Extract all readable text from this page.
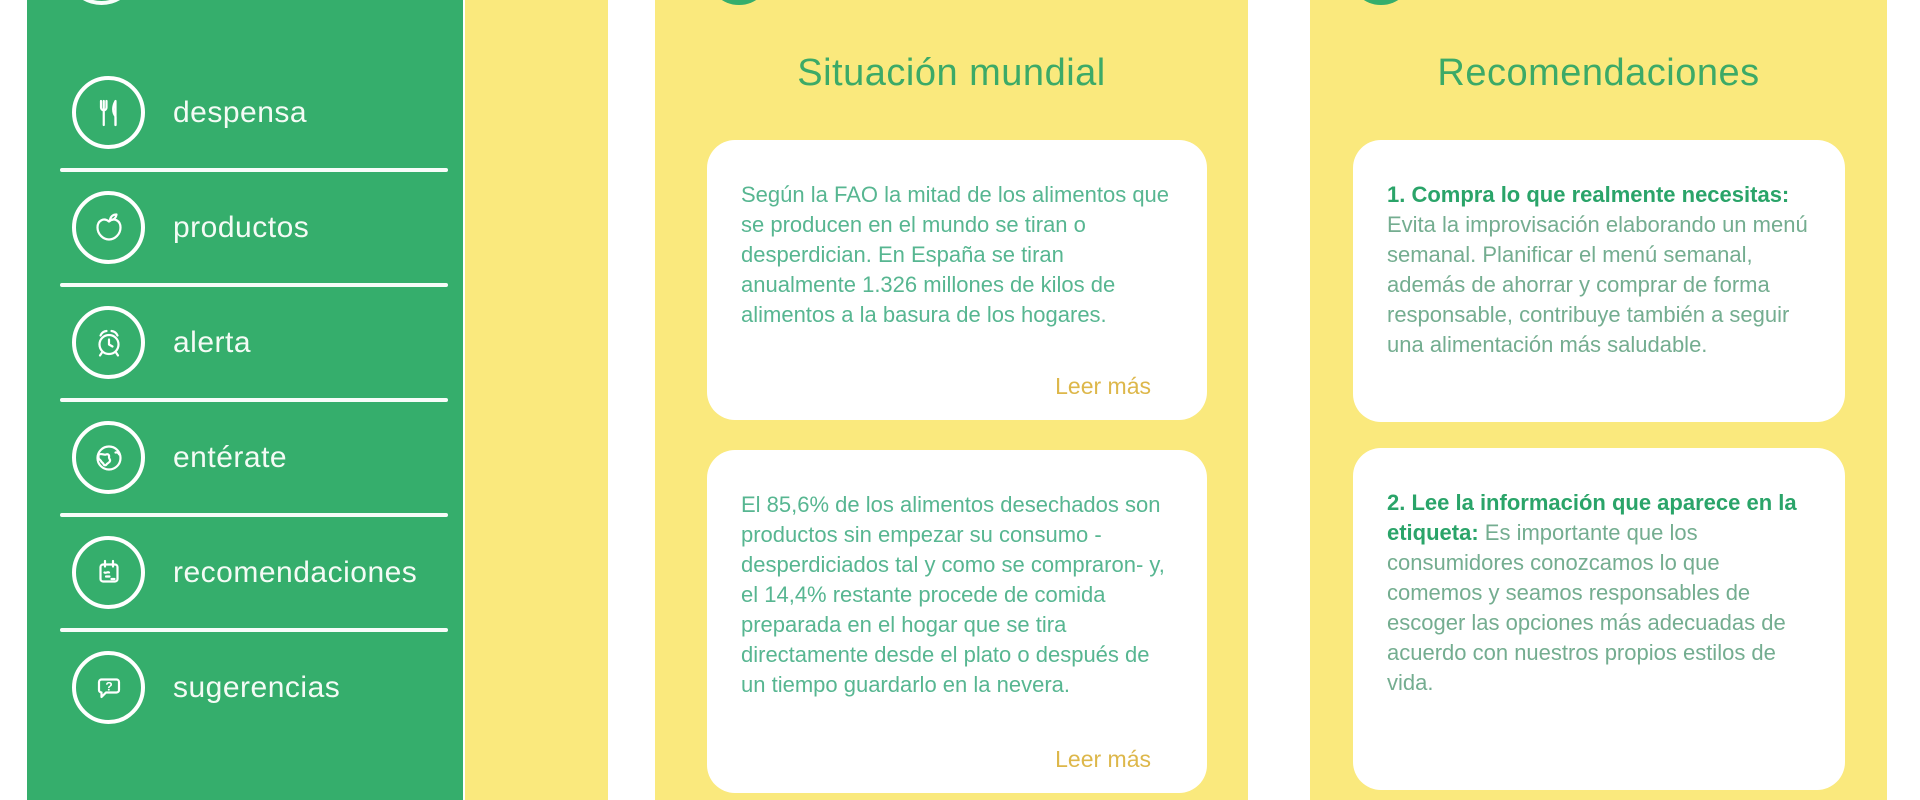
despensa
productos
alerta
entérate
recomendaciones
? sugerencias
Situación mundial

Según la FAO la mitad de los alimentos que se producen en el mundo se tiran o desperdician. En España se tiran anualmente 1.326 millones de kilos de alimentos a la basura de los hogares.

Leer más

El 85,6% de los alimentos desechados son productos sin empezar su consumo -desperdiciados tal y como se compraron- y, el 14,4% restante procede de comida preparada en el hogar que se tira directamente desde el plato o después de un tiempo guardarlo en la nevera.

Leer más
Recomendaciones

1. Compra lo que realmente necesitas:
Evita la improvisación elaborando un menú semanal. Planificar el menú semanal, además de ahorrar y comprar de forma responsable, contribuye también a seguir una alimentación más saludable.

2. Lee la información que aparece en la etiqueta: Es importante que los consumidores conozcamos lo que comemos y seamos responsables de escoger las opciones más adecuadas de acuerdo con nuestros propios estilos de vida.
